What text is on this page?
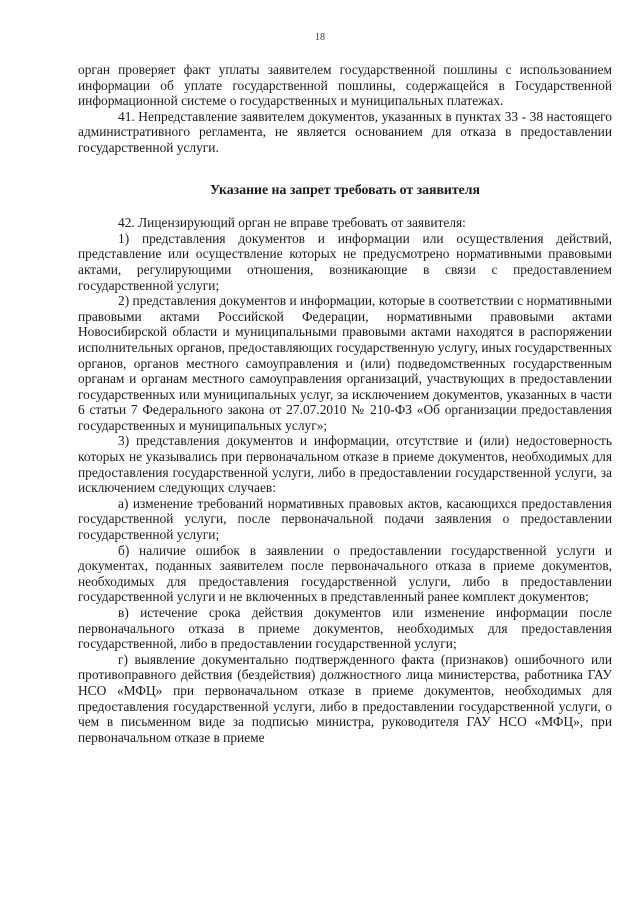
18

орган проверяет факт уплаты заявителем государственной пошлины с использованием информации об уплате государственной пошлины, содержащейся в Государственной информационной системе о государственных и муниципальных платежах.

41. Непредставление заявителем документов, указанных в пунктах 33 - 38 настоящего административного регламента, не является основанием для отказа в предоставлении государственной услуги.

Указание на запрет требовать от заявителя

42. Лицензирующий орган не вправе требовать от заявителя:

1) представления документов и информации или осуществления действий, представление или осуществление которых не предусмотрено нормативными правовыми актами, регулирующими отношения, возникающие в связи с предоставлением государственной услуги;

2) представления документов и информации, которые в соответствии с нормативными правовыми актами Российской Федерации, нормативными правовыми актами Новосибирской области и муниципальными правовыми актами находятся в распоряжении исполнительных органов, предоставляющих государственную услугу, иных государственных органов, органов местного самоуправления и (или) подведомственных государственным органам и органам местного самоуправления организаций, участвующих в предоставлении государственных или муниципальных услуг, за исключением документов, указанных в части 6 статьи 7 Федерального закона от 27.07.2010 № 210-ФЗ «Об организации предоставления государственных и муниципальных услуг»;

3) представления документов и информации, отсутствие и (или) недостоверность которых не указывались при первоначальном отказе в приеме документов, необходимых для предоставления государственной услуги, либо в предоставлении государственной услуги, за исключением следующих случаев:

а) изменение требований нормативных правовых актов, касающихся предоставления государственной услуги, после первоначальной подачи заявления о предоставлении государственной услуги;

б) наличие ошибок в заявлении о предоставлении государственной услуги и документах, поданных заявителем после первоначального отказа в приеме документов, необходимых для предоставления государственной услуги, либо в предоставлении государственной услуги и не включенных в представленный ранее комплект документов;

в) истечение срока действия документов или изменение информации после первоначального отказа в приеме документов, необходимых для предоставления государственной, либо в предоставлении государственной услуги;

г) выявление документально подтвержденного факта (признаков) ошибочного или противоправного действия (бездействия) должностного лица министерства, работника ГАУ НСО «МФЦ» при первоначальном отказе в приеме документов, необходимых для предоставления государственной услуги, либо в предоставлении государственной услуги, о чем в письменном виде за подписью министра, руководителя ГАУ НСО «МФЦ», при первоначальном отказе в приеме
